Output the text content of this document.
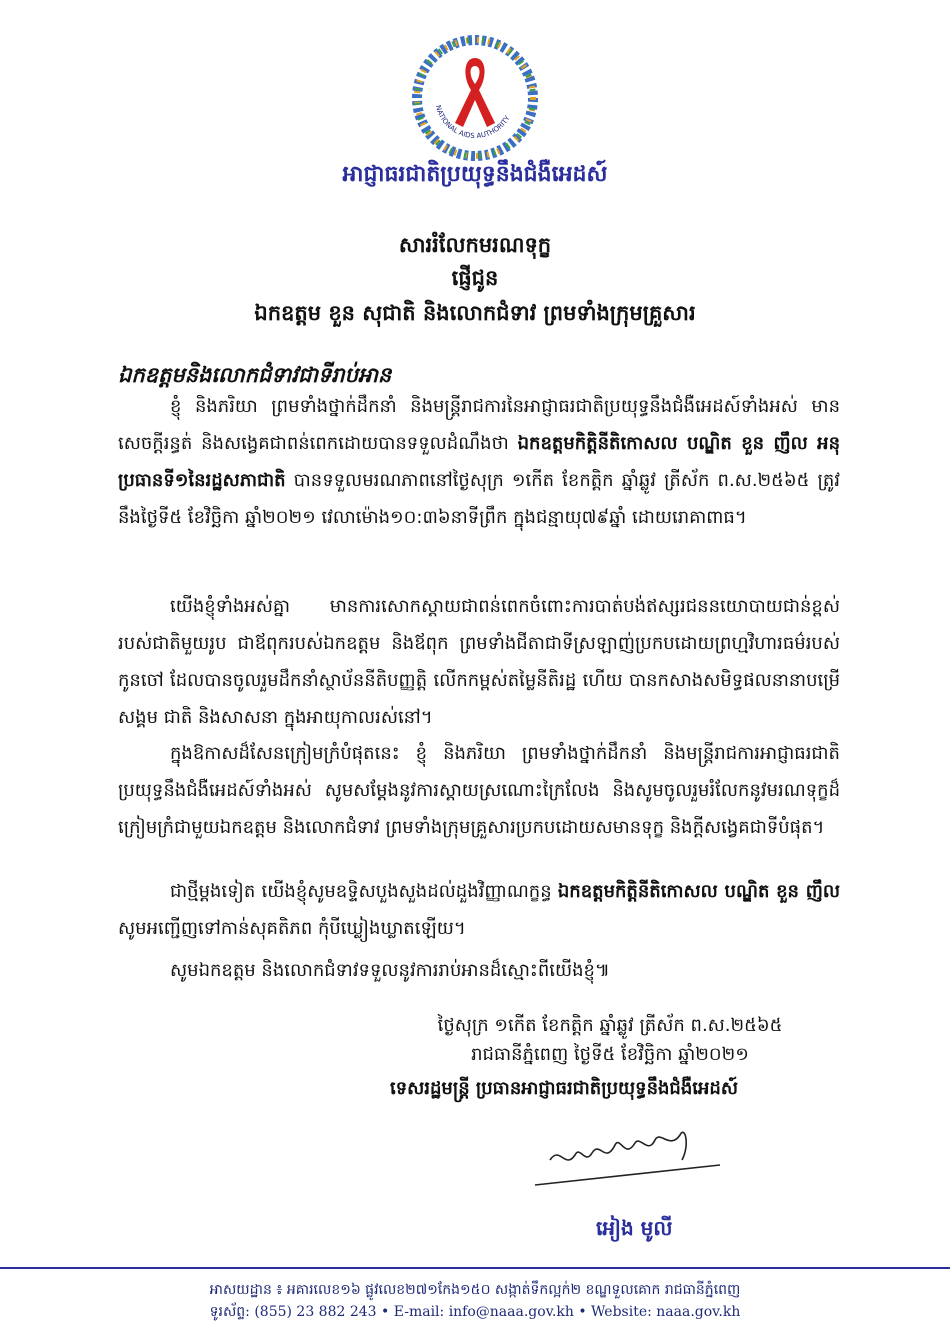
NATIONAL AIDS AUTHORITY
អាជ្ញាធរជាតិប្រយុទ្ធនឹងជំងឺអេដស៍
សាររំលែកមរណទុក្ខ
ផ្ញើជូន
ឯកឧត្តម ខួន សុជាតិ និងលោកជំទាវ ព្រមទាំងក្រុមគ្រួសារ
ឯកឧត្តមនិងលោកជំទាវជាទីរាប់អាន

ខ្ញុំ និងភរិយា ព្រមទាំងថ្នាក់ដឹកនាំ និងមន្ត្រីរាជការនៃអាជ្ញាធរជាតិប្រយុទ្ធនឹងជំងឺអេដស៍ទាំងអស់ មានសេចក្ដីរន្ធត់ និងសង្វេគជាពន់ពេកដោយបានទទួលដំណឹងថា ឯកឧត្តមកិត្តិនីតិកោសល បណ្ឌិត ខួន ញឹល អនុប្រធានទី១នៃរដ្ឋសភាជាតិ បានទទួលមរណភាពនៅថ្ងៃសុក្រ ១កើត ខែកត្តិក ឆ្នាំឆ្លូវ ត្រីស័ក ព.ស.២៥៦៥ ត្រូវនឹងថ្ងៃទី៥ ខែវិច្ឆិកា ឆ្នាំ២០២១ វេលាម៉ោង១០:៣៦នាទីព្រឹក ក្នុងជន្មាយុ៧៩ឆ្នាំ ដោយរោគាពាធ។

យើងខ្ញុំទាំងអស់គ្នា មានការសោកស្ដាយជាពន់ពេកចំពោះការបាត់បង់ឥស្សរជននយោបាយជាន់ខ្ពស់របស់ជាតិមួយរូប ជាឪពុករបស់ឯកឧត្តម និងឪពុក ព្រមទាំងជីតាជាទីស្រឡាញ់ប្រកបដោយព្រហ្មវិហារធម៌របស់កូនចៅ ដែលបានចូលរួមដឹកនាំស្ថាប័ននីតិបញ្ញត្តិ លើកកម្ពស់តម្លៃនីតិរដ្ឋ ហើយ បានកសាងសមិទ្ធផលនានាបម្រើសង្គម ជាតិ និងសាសនា ក្នុងអាយុកាលរស់នៅ។

ក្នុងឱកាសដ៏សែនក្រៀមក្រំបំផុតនេះ ខ្ញុំ និងភរិយា ព្រមទាំងថ្នាក់ដឹកនាំ និងមន្ត្រីរាជការអាជ្ញាធរជាតិប្រយុទ្ធនឹងជំងឺអេដស៍ទាំងអស់ សូមសម្ដែងនូវការស្ដាយស្រណោះក្រៃលែង និងសូមចូលរួមរំលែកនូវមរណទុក្ខដ៏ក្រៀមក្រំជាមួយឯកឧត្តម និងលោកជំទាវ ព្រមទាំងក្រុមគ្រួសារប្រកបដោយសមានទុក្ខ និងក្ដីសង្វេគជាទីបំផុត។

ជាថ្មីម្ដងទៀត យើងខ្ញុំសូមឧទ្ទិសបួងសួងដល់ដួងវិញ្ញាណក្ខន្ធ ឯកឧត្តមកិត្តិនីតិកោសល បណ្ឌិត ខួន ញឹល សូមអញ្ជើញទៅកាន់សុគតិភព កុំបីឃ្លៀងឃ្លាតឡើយ។

សូមឯកឧត្តម និងលោកជំទាវទទួលនូវការរាប់អានដ៏ស្មោះពីយើងខ្ញុំ៕
ថ្ងៃសុក្រ ១កើត ខែកត្តិក ឆ្នាំឆ្លូវ ត្រីស័ក ព.ស.២៥៦៥
រាជធានីភ្នំពេញ ថ្ងៃទី៥ ខែវិច្ឆិកា ឆ្នាំ២០២១
ទេសរដ្ឋមន្ត្រី ប្រធានអាជ្ញាធរជាតិប្រយុទ្ធនឹងជំងឺអេដស៍
អៀង មូលី
អាសយដ្ឋាន ៖ អគារលេខ១៦ ផ្លូវលេខ២៧១កែង១៥០ សង្កាត់ទឹកល្អក់២ ខណ្ឌទួលគោក រាជធានីភ្នំពេញ
ទូរស័ព្ទ: (855) 23 882 243 • E-mail: info@naaa.gov.kh • Website: naaa.gov.kh
